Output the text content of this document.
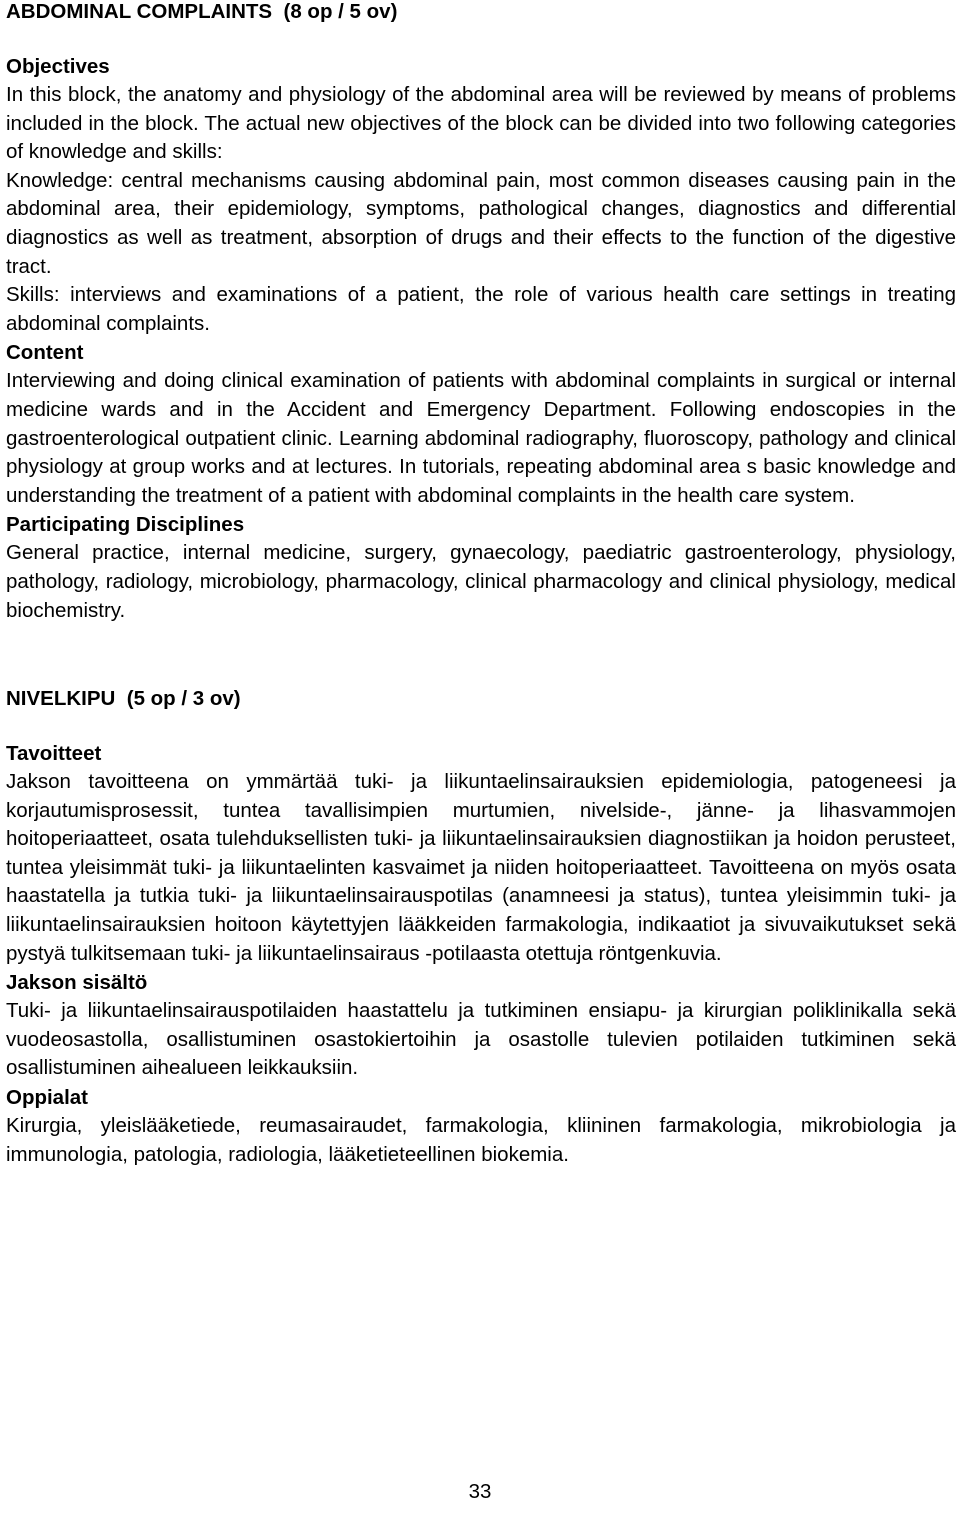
ABDOMINAL COMPLAINTS  (8 op / 5 ov)
Objectives

In this block, the anatomy and physiology of the abdominal area will be reviewed by means of problems included in the block. The actual new objectives of the block can be divided into two following categories of knowledge and skills:

Knowledge: central mechanisms causing abdominal pain, most common diseases causing pain in the abdominal area, their epidemiology, symptoms, pathological changes, diagnostics and differential diagnostics as well as treatment, absorption of drugs and their effects to the function of the digestive tract.

Skills: interviews and examinations of a patient, the role of various health care settings in treating abdominal complaints.

Content

Interviewing and doing clinical examination of patients with abdominal complaints in surgical or internal medicine wards and in the Accident and Emergency Department. Following endoscopies in the gastroenterological outpatient clinic. Learning abdominal radiography, fluoroscopy, pathology and clinical physiology at group works and at lectures. In tutorials, repeating abdominal area s basic knowledge and understanding the treatment of a patient with abdominal complaints in the health care system.

Participating Disciplines

General practice, internal medicine, surgery, gynaecology, paediatric gastroenterology, physiology, pathology, radiology, microbiology, pharmacology, clinical pharmacology and clinical physiology, medical biochemistry.

NIVELKIPU  (5 op / 3 ov)
Tavoitteet

Jakson tavoitteena on ymmärtää tuki- ja liikuntaelinsairauksien epidemiologia, patogeneesi ja korjautumisprosessit, tuntea tavallisimpien murtumien, nivelside-, jänne- ja lihasvammojen hoitoperiaatteet, osata tulehduksellisten tuki- ja liikuntaelinsairauksien diagnostiikan ja hoidon perusteet, tuntea yleisimmät tuki- ja liikuntaelinten kasvaimet ja niiden hoitoperiaatteet. Tavoitteena on myös osata haastatella ja tutkia tuki- ja liikuntaelinsairauspotilas (anamneesi ja status), tuntea yleisimmin tuki- ja liikuntaelinsairauksien hoitoon käytettyjen lääkkeiden farmakologia, indikaatiot ja sivuvaikutukset sekä pystyä tulkitsemaan tuki- ja liikuntaelinsairaus -potilaasta otettuja röntgenkuvia.

Jakson sisältö

Tuki- ja liikuntaelinsairauspotilaiden haastattelu ja tutkiminen ensiapu- ja kirurgian poliklinikalla sekä vuodeosastolla, osallistuminen osastokiertoihin ja osastolle tulevien potilaiden tutkiminen sekä osallistuminen aihealueen leikkauksiin.

Oppialat

Kirurgia, yleislääketiede, reumasairaudet, farmakologia, kliininen farmakologia, mikrobiologia ja immunologia, patologia, radiologia, lääketieteellinen biokemia.

33
